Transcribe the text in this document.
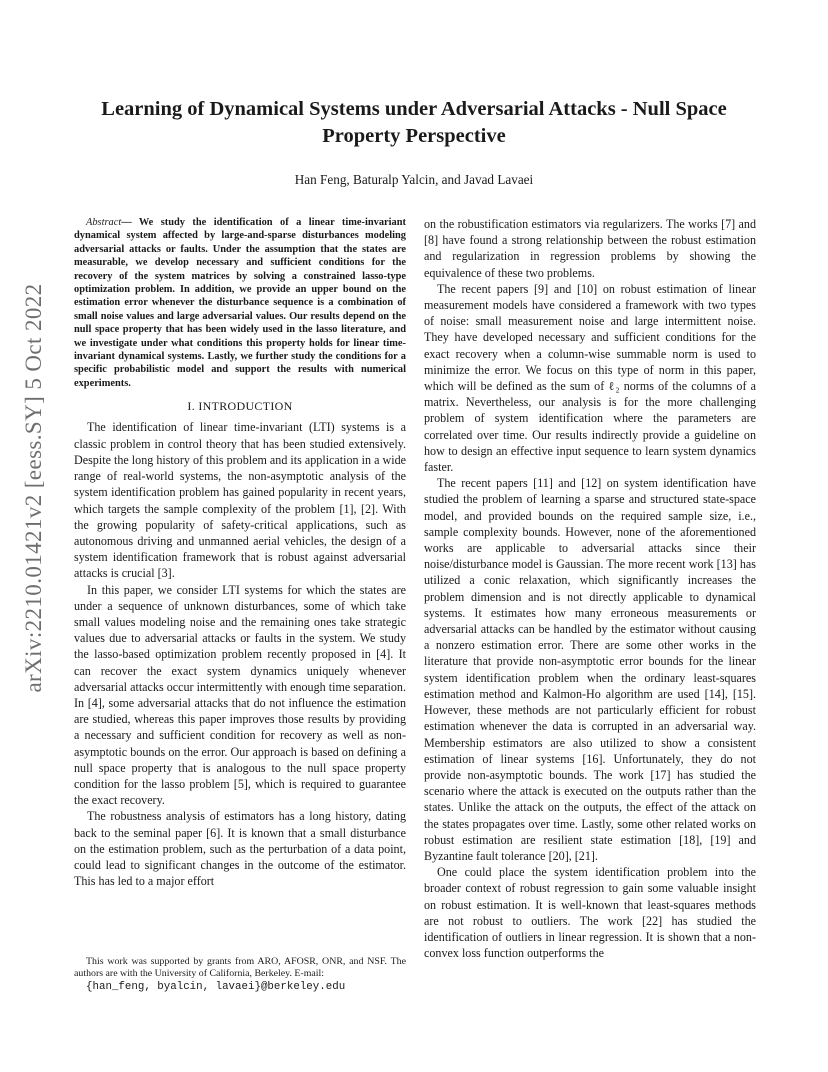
arXiv:2210.01421v2 [eess.SY] 5 Oct 2022
Learning of Dynamical Systems under Adversarial Attacks - Null Space Property Perspective
Han Feng, Baturalp Yalcin, and Javad Lavaei

Abstract— We study the identification of a linear time-invariant dynamical system affected by large-and-sparse disturbances modeling adversarial attacks or faults. Under the assumption that the states are measurable, we develop necessary and sufficient conditions for the recovery of the system matrices by solving a constrained lasso-type optimization problem. In addition, we provide an upper bound on the estimation error whenever the disturbance sequence is a combination of small noise values and large adversarial values. Our results depend on the null space property that has been widely used in the lasso literature, and we investigate under what conditions this property holds for linear time-invariant dynamical systems. Lastly, we further study the conditions for a specific probabilistic model and support the results with numerical experiments.

I. INTRODUCTION

The identification of linear time-invariant (LTI) systems is a classic problem in control theory that has been studied extensively. Despite the long history of this problem and its application in a wide range of real-world systems, the non-asymptotic analysis of the system identification problem has gained popularity in recent years, which targets the sample complexity of the problem [1], [2]. With the growing popularity of safety-critical applications, such as autonomous driving and unmanned aerial vehicles, the design of a system identification framework that is robust against adversarial attacks is crucial [3].

In this paper, we consider LTI systems for which the states are under a sequence of unknown disturbances, some of which take small values modeling noise and the remaining ones take strategic values due to adversarial attacks or faults in the system. We study the lasso-based optimization problem recently proposed in [4]. It can recover the exact system dynamics uniquely whenever adversarial attacks occur intermittently with enough time separation. In [4], some adversarial attacks that do not influence the estimation are studied, whereas this paper improves those results by providing a necessary and sufficient condition for recovery as well as non-asymptotic bounds on the error. Our approach is based on defining a null space property that is analogous to the null space property condition for the lasso problem [5], which is required to guarantee the exact recovery.

The robustness analysis of estimators has a long history, dating back to the seminal paper [6]. It is known that a small disturbance on the estimation problem, such as the perturbation of a data point, could lead to significant changes in the outcome of the estimator. This has led to a major effort

This work was supported by grants from ARO, AFOSR, ONR, and NSF. The authors are with the University of California, Berkeley. E-mail:
{han_feng, byalcin, lavaei}@berkeley.edu

on the robustification estimators via regularizers. The works [7] and [8] have found a strong relationship between the robust estimation and regularization in regression problems by showing the equivalence of these two problems.

The recent papers [9] and [10] on robust estimation of linear measurement models have considered a framework with two types of noise: small measurement noise and large intermittent noise. They have developed necessary and sufficient conditions for the exact recovery when a column-wise summable norm is used to minimize the error. We focus on this type of norm in this paper, which will be defined as the sum of ℓ₂ norms of the columns of a matrix. Nevertheless, our analysis is for the more challenging problem of system identification where the parameters are correlated over time. Our results indirectly provide a guideline on how to design an effective input sequence to learn system dynamics faster.

The recent papers [11] and [12] on system identification have studied the problem of learning a sparse and structured state-space model, and provided bounds on the required sample size, i.e., sample complexity bounds. However, none of the aforementioned works are applicable to adversarial attacks since their noise/disturbance model is Gaussian. The more recent work [13] has utilized a conic relaxation, which significantly increases the problem dimension and is not directly applicable to dynamical systems. It estimates how many erroneous measurements or adversarial attacks can be handled by the estimator without causing a nonzero estimation error. There are some other works in the literature that provide non-asymptotic error bounds for the linear system identification problem when the ordinary least-squares estimation method and Kalmon-Ho algorithm are used [14], [15]. However, these methods are not particularly efficient for robust estimation whenever the data is corrupted in an adversarial way. Membership estimators are also utilized to show a consistent estimation of linear systems [16]. Unfortunately, they do not provide non-asymptotic bounds. The work [17] has studied the scenario where the attack is executed on the outputs rather than the states. Unlike the attack on the outputs, the effect of the attack on the states propagates over time. Lastly, some other related works on robust estimation are resilient state estimation [18], [19] and Byzantine fault tolerance [20], [21].

One could place the system identification problem into the broader context of robust regression to gain some valuable insight on robust estimation. It is well-known that least-squares methods are not robust to outliers. The work [22] has studied the identification of outliers in linear regression. It is shown that a non-convex loss function outperforms the
